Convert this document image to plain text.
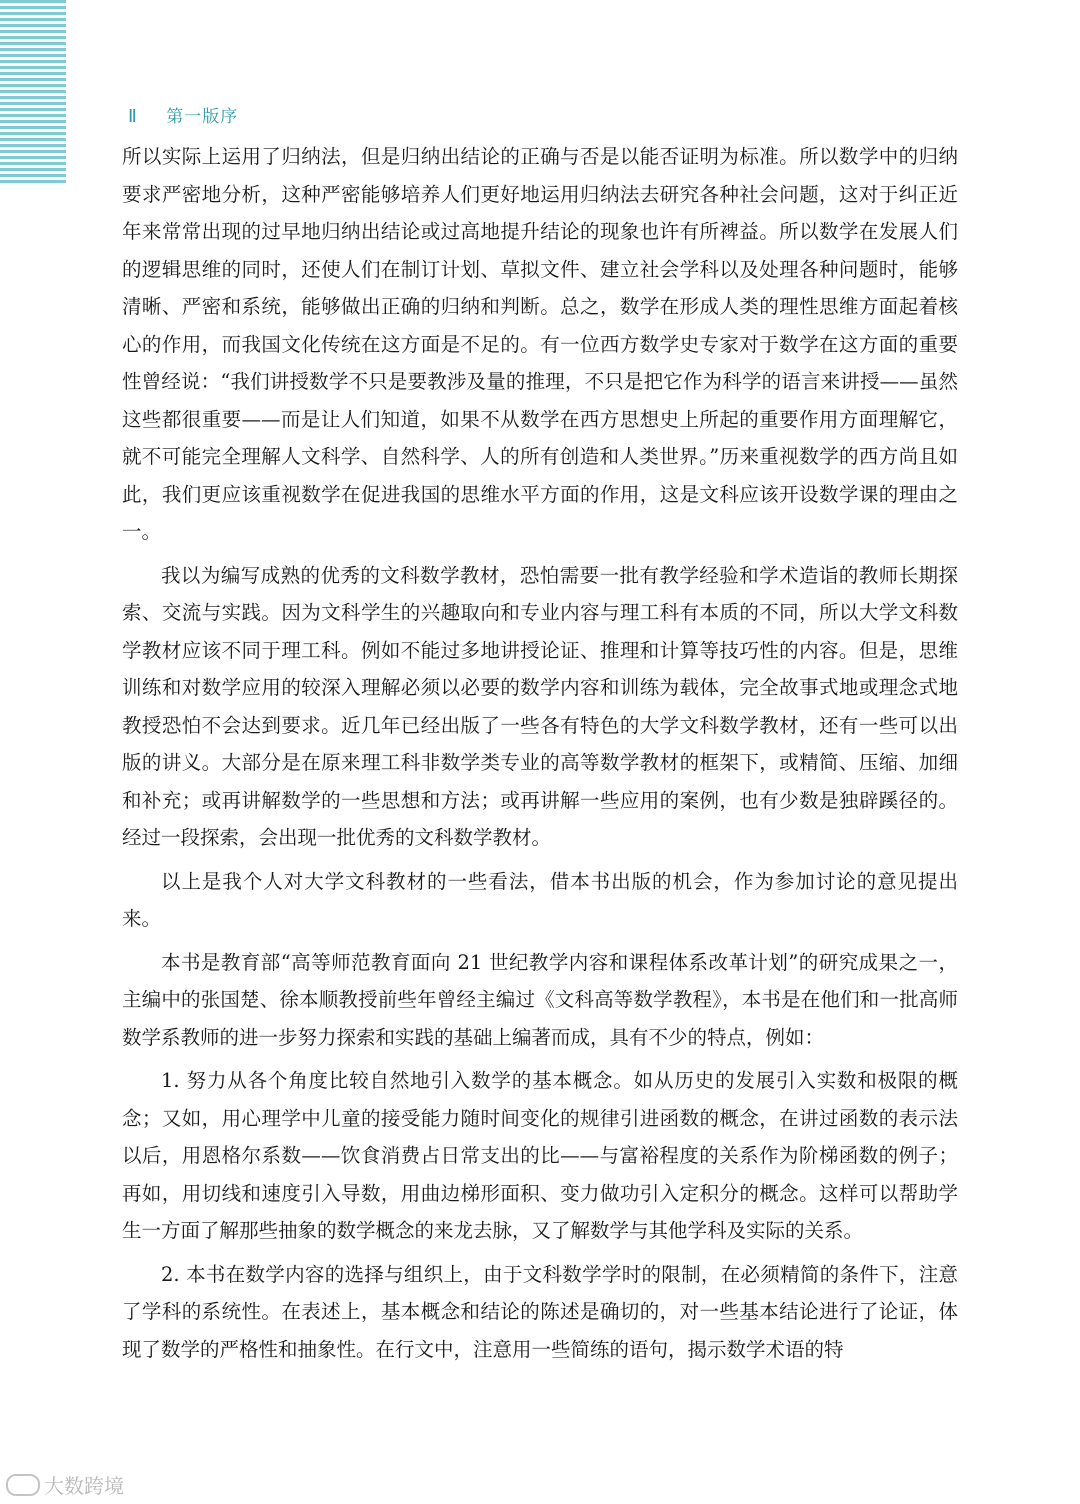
Ⅱ 第一版序

所以实际上运用了归纳法，但是归纳出结论的正确与否是以能否证明为标准。所以数学中的归纳要求严密地分析，这种严密能够培养人们更好地运用归纳法去研究各种社会问题，这对于纠正近年来常常出现的过早地归纳出结论或过高地提升结论的现象也许有所裨益。所以数学在发展人们的逻辑思维的同时，还使人们在制订计划、草拟文件、建立社会学科以及处理各种问题时，能够清晰、严密和系统，能够做出正确的归纳和判断。总之，数学在形成人类的理性思维方面起着核心的作用，而我国文化传统在这方面是不足的。有一位西方数学史专家对于数学在这方面的重要性曾经说：“我们讲授数学不只是要教涉及量的推理，不只是把它作为科学的语言来讲授——虽然这些都很重要——而是让人们知道，如果不从数学在西方思想史上所起的重要作用方面理解它，就不可能完全理解人文科学、自然科学、人的所有创造和人类世界。”历来重视数学的西方尚且如此，我们更应该重视数学在促进我国的思维水平方面的作用，这是文科应该开设数学课的理由之一。

我以为编写成熟的优秀的文科数学教材，恐怕需要一批有教学经验和学术造诣的教师长期探索、交流与实践。因为文科学生的兴趣取向和专业内容与理工科有本质的不同，所以大学文科数学教材应该不同于理工科。例如不能过多地讲授论证、推理和计算等技巧性的内容。但是，思维训练和对数学应用的较深入理解必须以必要的数学内容和训练为载体，完全故事式地或理念式地教授恐怕不会达到要求。近几年已经出版了一些各有特色的大学文科数学教材，还有一些可以出版的讲义。大部分是在原来理工科非数学类专业的高等数学教材的框架下，或精简、压缩、加细和补充；或再讲解数学的一些思想和方法；或再讲解一些应用的案例，也有少数是独辟蹊径的。经过一段探索，会出现一批优秀的文科数学教材。

以上是我个人对大学文科教材的一些看法，借本书出版的机会，作为参加讨论的意见提出来。

本书是教育部“高等师范教育面向 21 世纪教学内容和课程体系改革计划”的研究成果之一，主编中的张国楚、徐本顺教授前些年曾经主编过《文科高等数学教程》，本书是在他们和一批高师数学系教师的进一步努力探索和实践的基础上编著而成，具有不少的特点，例如：

1. 努力从各个角度比较自然地引入数学的基本概念。如从历史的发展引入实数和极限的概念；又如，用心理学中儿童的接受能力随时间变化的规律引进函数的概念，在讲过函数的表示法以后，用恩格尔系数——饮食消费占日常支出的比——与富裕程度的关系作为阶梯函数的例子；再如，用切线和速度引入导数，用曲边梯形面积、变力做功引入定积分的概念。这样可以帮助学生一方面了解那些抽象的数学概念的来龙去脉，又了解数学与其他学科及实际的关系。

2. 本书在数学内容的选择与组织上，由于文科数学学时的限制，在必须精简的条件下，注意了学科的系统性。在表述上，基本概念和结论的陈述是确切的，对一些基本结论进行了论证，体现了数学的严格性和抽象性。在行文中，注意用一些简练的语句，揭示数学术语的特

大数跨境
